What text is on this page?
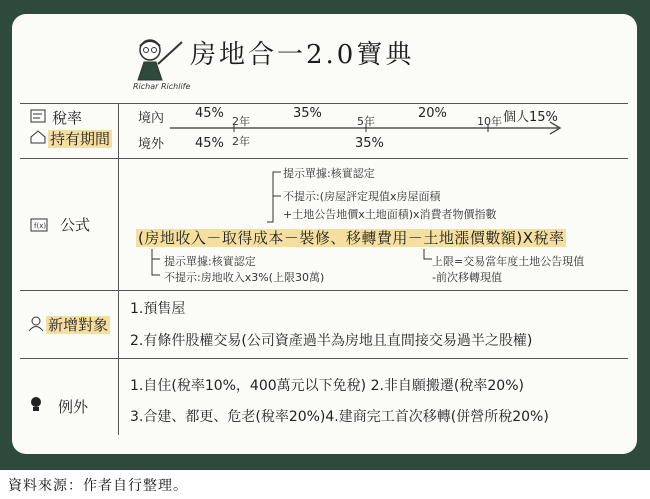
Richar Richlife
房地合一2.0寶典
稅率
持有期間
f(x) 公式
新增對象
例外
境內
境外
45%
2年
35%
5年
20%
10年 個人15%
45% 2年	35%
提示單據:核實認定
不提示:(房屋評定現值x房屋面積
+土地公告地價x土地面積)x消費者物價指數
(房地收入－取得成本－裝修、移轉費用－土地漲價數額)X稅率
提示單據:核實認定
不提示:房地收入x3%(上限30萬)
上限=交易當年度土地公告現值
-前次移轉現值
1.預售屋
2.有條件股權交易(公司資產過半為房地且直間接交易過半之股權)
1.自住(稅率10%，400萬元以下免稅) 2.非自願搬遷(稅率20%)
3.合建、都更、危老(稅率20%)4.建商完工首次移轉(併營所稅20%)
資料來源：作者自行整理。
